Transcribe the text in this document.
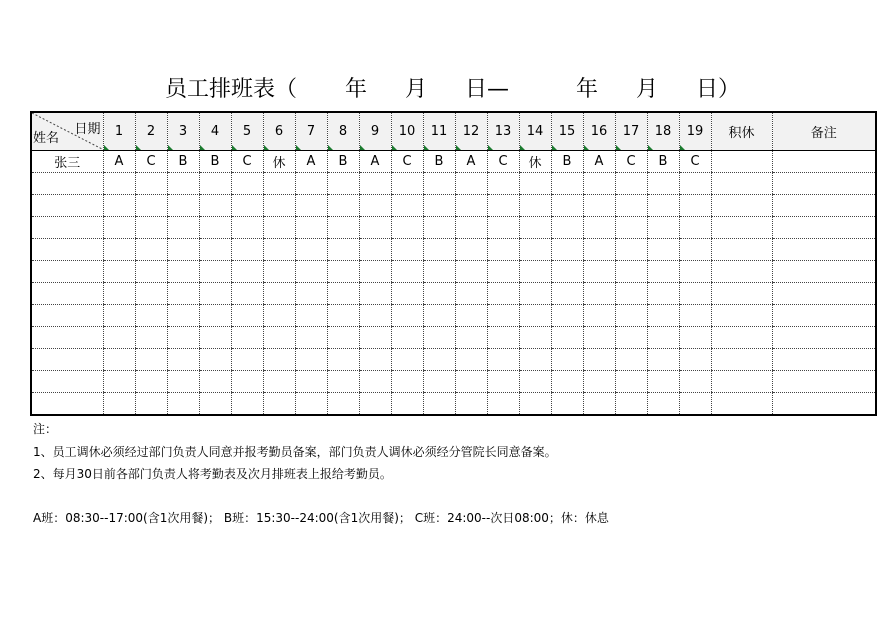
员工排班表（ 年 月 日—	年 月 日）
日期
姓名	1	2	3	4	5	6	7	8	9	10	11	12	13	14	15	16	17	18	19	积休	备注
张三	A	C	B	B	C	休	A	B	A	C	B	A	C	休	B	A	C	B	C		

注：
1、员工调休必须经过部门负责人同意并报考勤员备案，部门负责人调休必须经分管院长同意备案。
2、每月30日前各部门负责人将考勤表及次月排班表上报给考勤员。
A班：08:30--17:00(含1次用餐)； B班：15:30--24:00(含1次用餐)； C班：24:00--次日08:00；休：休息
